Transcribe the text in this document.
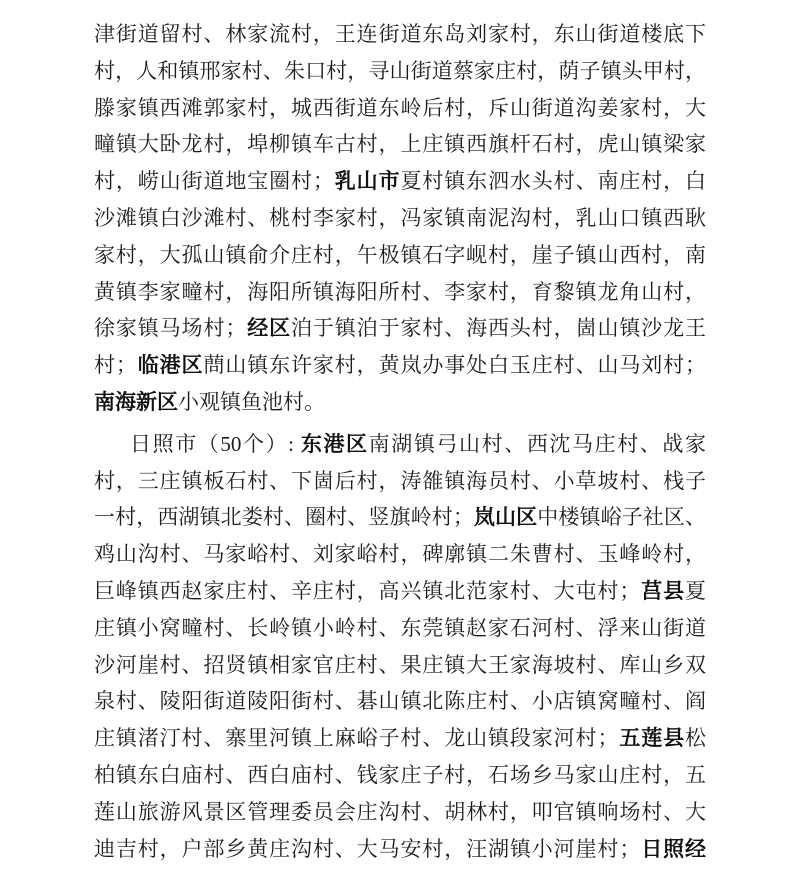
津街道留村、林家流村，王连街道东岛刘家村，东山街道楼底下
村，人和镇邢家村、朱口村，寻山街道蔡家庄村，荫子镇头甲村，
滕家镇西滩郭家村，城西街道东岭后村，斥山街道沟姜家村，大
疃镇大卧龙村，埠柳镇车古村，上庄镇西旗杆石村，虎山镇梁家
村，崂山街道地宝圈村；乳山市夏村镇东泗水头村、南庄村，白
沙滩镇白沙滩村、桃村李家村，冯家镇南泥沟村，乳山口镇西耿
家村，大孤山镇俞介庄村，午极镇石字岘村，崖子镇山西村，南
黄镇李家疃村，海阳所镇海阳所村、李家村，育黎镇龙角山村，
徐家镇马场村；经区泊于镇泊于家村、海西头村，崮山镇沙龙王
村；临港区蔄山镇东许家村，黄岚办事处白玉庄村、山马刘村；
南海新区小观镇鱼池村。
日照市（50个）: 东港区南湖镇弓山村、西沈马庄村、战家
村，三庄镇板石村、下崮后村，涛雒镇海员村、小草坡村、栈子
一村，西湖镇北娄村、圈村、竖旗岭村；岚山区中楼镇峪子社区、
鸡山沟村、马家峪村、刘家峪村，碑廓镇二朱曹村、玉峰岭村，
巨峰镇西赵家庄村、辛庄村，高兴镇北范家村、大屯村；莒县夏
庄镇小窝疃村、长岭镇小岭村、东莞镇赵家石河村、浮来山街道
沙河崖村、招贤镇相家官庄村、果庄镇大王家海坡村、库山乡双
泉村、陵阳街道陵阳街村、碁山镇北陈庄村、小店镇窝疃村、阎
庄镇渚汀村、寨里河镇上麻峪子村、龙山镇段家河村；五莲县松
柏镇东白庙村、西白庙村、钱家庄子村，石场乡马家山庄村，五
莲山旅游风景区管理委员会庄沟村、胡林村，叩官镇响场村、大
迪吉村，户部乡黄庄沟村、大马安村，汪湖镇小河崖村；日照经
